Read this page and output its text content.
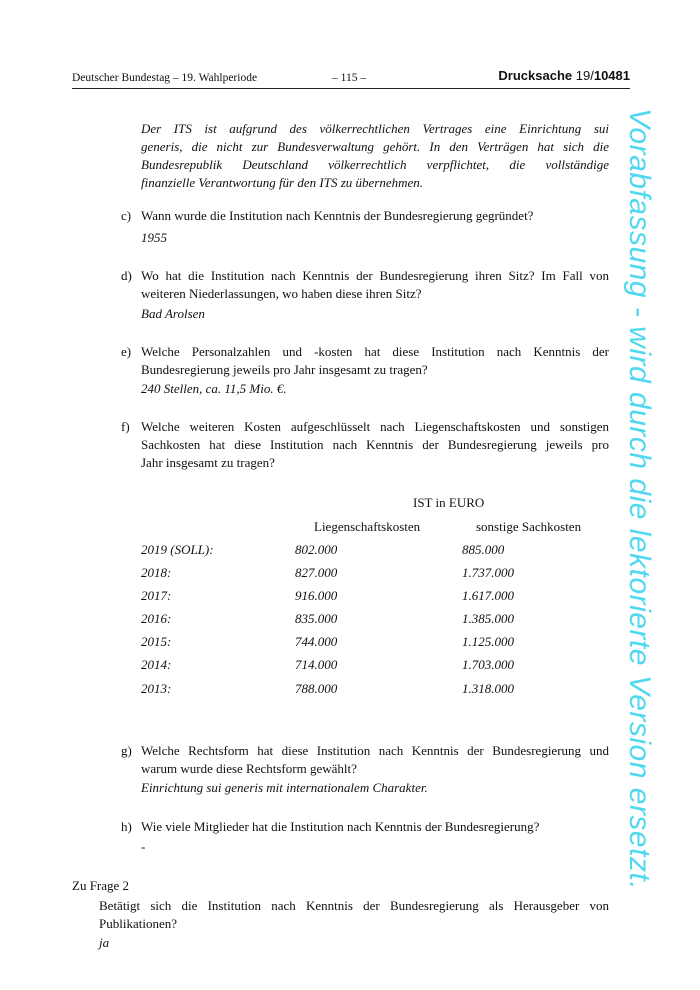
Deutscher Bundestag – 19. Wahlperiode	– 115 –	Drucksache 19/10481
Der ITS ist aufgrund des völkerrechtlichen Vertrages eine Einrichtung sui
generis, die nicht zur Bundesverwaltung gehört. In den Verträgen hat sich die
Bundesrepublik Deutschland völkerrechtlich verpflichtet, die vollständige
finanzielle Verantwortung für den ITS zu übernehmen.
c) Wann wurde die Institution nach Kenntnis der Bundesregierung gegründet?
1955
d) Wo hat die Institution nach Kenntnis der Bundesregierung ihren Sitz? Im Fall von
weiteren Niederlassungen, wo haben diese ihren Sitz?
Bad Arolsen
e) Welche Personalzahlen und -kosten hat diese Institution nach Kenntnis der
Bundesregierung jeweils pro Jahr insgesamt zu tragen?
240 Stellen, ca. 11,5 Mio. €.
f) Welche weiteren Kosten aufgeschlüsselt nach Liegenschaftskosten und sonstigen
Sachkosten hat diese Institution nach Kenntnis der Bundesregierung jeweils pro
Jahr insgesamt zu tragen?
IST in EURO
Liegenschaftskosten	sonstige Sachkosten
2019 (SOLL):	802.000	885.000
2018:	827.000	1.737.000
2017:	916.000	1.617.000
2016:	835.000	1.385.000
2015:	744.000	1.125.000
2014:	714.000	1.703.000
2013:	788.000	1.318.000
g) Welche Rechtsform hat diese Institution nach Kenntnis der Bundesregierung und
warum wurde diese Rechtsform gewählt?
Einrichtung sui generis mit internationalem Charakter.
h) Wie viele Mitglieder hat die Institution nach Kenntnis der Bundesregierung?
-
Zu Frage 2
Betätigt sich die Institution nach Kenntnis der Bundesregierung als Herausgeber von
Publikationen?
ja
Vorabfassung - wird durch die lektorierte Version ersetzt.
